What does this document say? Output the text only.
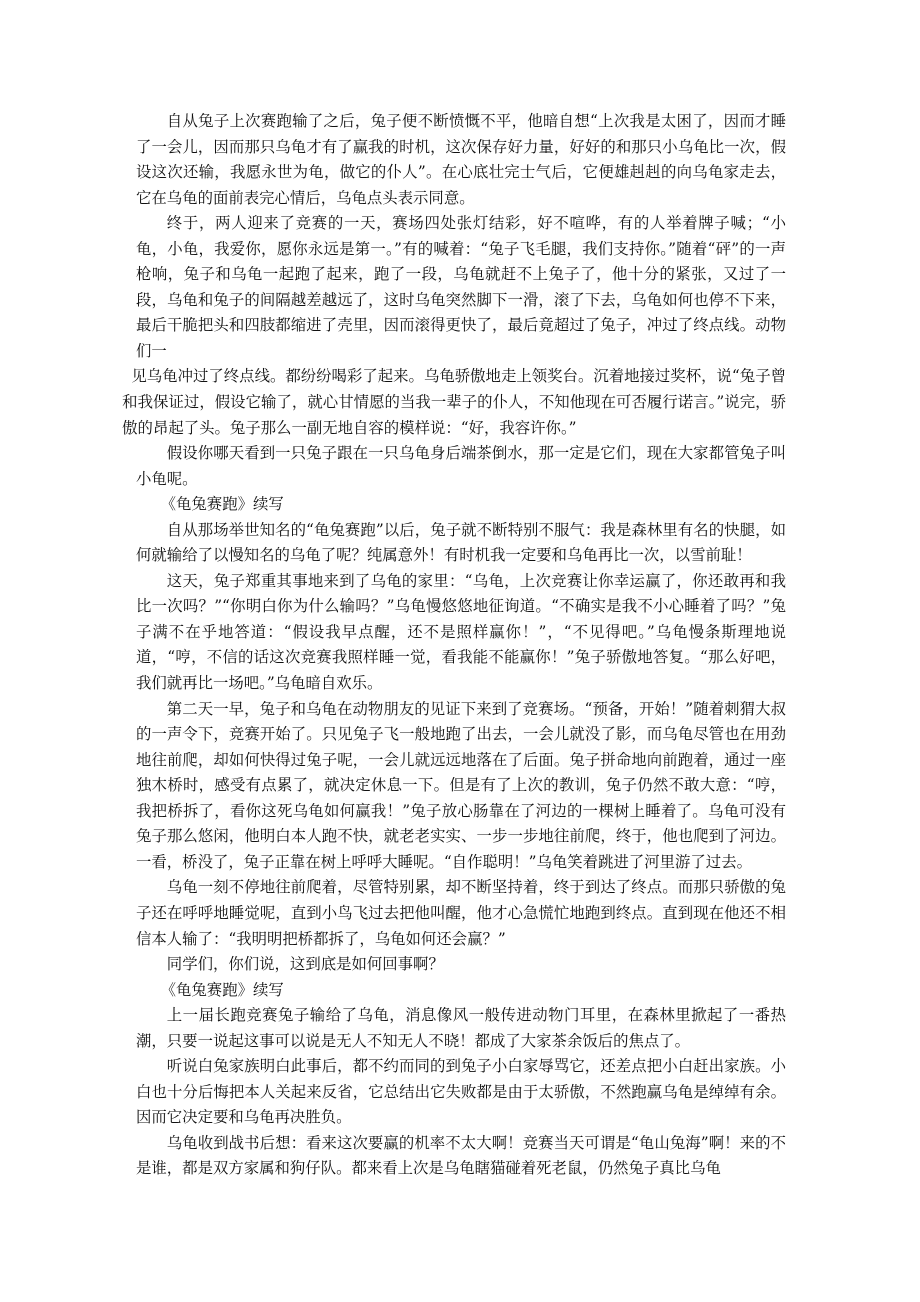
自从兔子上次赛跑输了之后，兔子便不断愤慨不平，他暗自想“上次我是太困了，因而才睡了一会儿，因而那只乌龟才有了赢我的时机，这次保存好力量，好好的和那只小乌龟比一次，假设这次还输，我愿永世为龟，做它的仆人”。在心底壮完士气后，它便雄赳赳的向乌龟家走去，它在乌龟的面前表完心情后，乌龟点头表示同意。

终于，两人迎来了竞赛的一天，赛场四处张灯结彩，好不喧哗，有的人举着牌子喊；“小龟，小龟，我爱你，愿你永远是第一。”有的喊着：“兔子飞毛腿，我们支持你。”随着“砰”的一声枪响，兔子和乌龟一起跑了起来，跑了一段，乌龟就赶不上兔子了，他十分的紧张，又过了一段，乌龟和兔子的间隔越差越远了，这时乌龟突然脚下一滑，滚了下去，乌龟如何也停不下来，最后干脆把头和四肢都缩进了壳里，因而滚得更快了，最后竟超过了兔子，冲过了终点线。动物们一

见乌龟冲过了终点线。都纷纷喝彩了起来。乌龟骄傲地走上领奖台。沉着地接过奖杯，说“兔子曾和我保证过，假设它输了，就心甘情愿的当我一辈子的仆人，不知他现在可否履行诺言。”说完，骄傲的昂起了头。兔子那么一副无地自容的模样说：“好，我容许你。”

假设你哪天看到一只兔子跟在一只乌龟身后端茶倒水，那一定是它们，现在大家都管兔子叫小龟呢。

《龟兔赛跑》续写

自从那场举世知名的“龟兔赛跑”以后，兔子就不断特别不服气：我是森林里有名的快腿，如何就输给了以慢知名的乌龟了呢？纯属意外！有时机我一定要和乌龟再比一次，以雪前耻！

这天，兔子郑重其事地来到了乌龟的家里：“乌龟，上次竞赛让你幸运赢了，你还敢再和我比一次吗？”“你明白你为什么输吗？”乌龟慢悠悠地征询道。“不确实是我不小心睡着了吗？”兔子满不在乎地答道：“假设我早点醒，还不是照样赢你！”，“不见得吧。”乌龟慢条斯理地说道，“哼，不信的话这次竞赛我照样睡一觉，看我能不能赢你！”兔子骄傲地答复。“那么好吧，我们就再比一场吧。”乌龟暗自欢乐。

第二天一早，兔子和乌龟在动物朋友的见证下来到了竞赛场。“预备，开始！”随着刺猬大叔的一声令下，竞赛开始了。只见兔子飞一般地跑了出去，一会儿就没了影，而乌龟尽管也在用劲地往前爬，却如何快得过兔子呢，一会儿就远远地落在了后面。兔子拼命地向前跑着，通过一座独木桥时，感受有点累了，就决定休息一下。但是有了上次的教训，兔子仍然不敢大意：“哼，我把桥拆了，看你这死乌龟如何赢我！”兔子放心肠靠在了河边的一棵树上睡着了。乌龟可没有兔子那么悠闲，他明白本人跑不快，就老老实实、一步一步地往前爬，终于，他也爬到了河边。一看，桥没了，兔子正靠在树上呼呼大睡呢。“自作聪明！”乌龟笑着跳进了河里游了过去。

乌龟一刻不停地往前爬着，尽管特别累，却不断坚持着，终于到达了终点。而那只骄傲的兔子还在呼呼地睡觉呢，直到小鸟飞过去把他叫醒，他才心急慌忙地跑到终点。直到现在他还不相信本人输了：“我明明把桥都拆了，乌龟如何还会赢？”

同学们，你们说，这到底是如何回事啊？

《龟兔赛跑》续写

上一届长跑竞赛兔子输给了乌龟，消息像风一般传进动物门耳里，在森林里掀起了一番热潮，只要一说起这事可以说是无人不知无人不晓！都成了大家茶余饭后的焦点了。

听说白兔家族明白此事后，都不约而同的到兔子小白家辱骂它，还差点把小白赶出家族。小白也十分后悔把本人关起来反省，它总结出它失败都是由于太骄傲，不然跑赢乌龟是绰绰有余。因而它决定要和乌龟再决胜负。

乌龟收到战书后想：看来这次要赢的机率不太大啊！竞赛当天可谓是“龟山兔海”啊！来的不是谁，都是双方家属和狗仔队。都来看上次是乌龟瞎猫碰着死老鼠，仍然兔子真比乌龟
